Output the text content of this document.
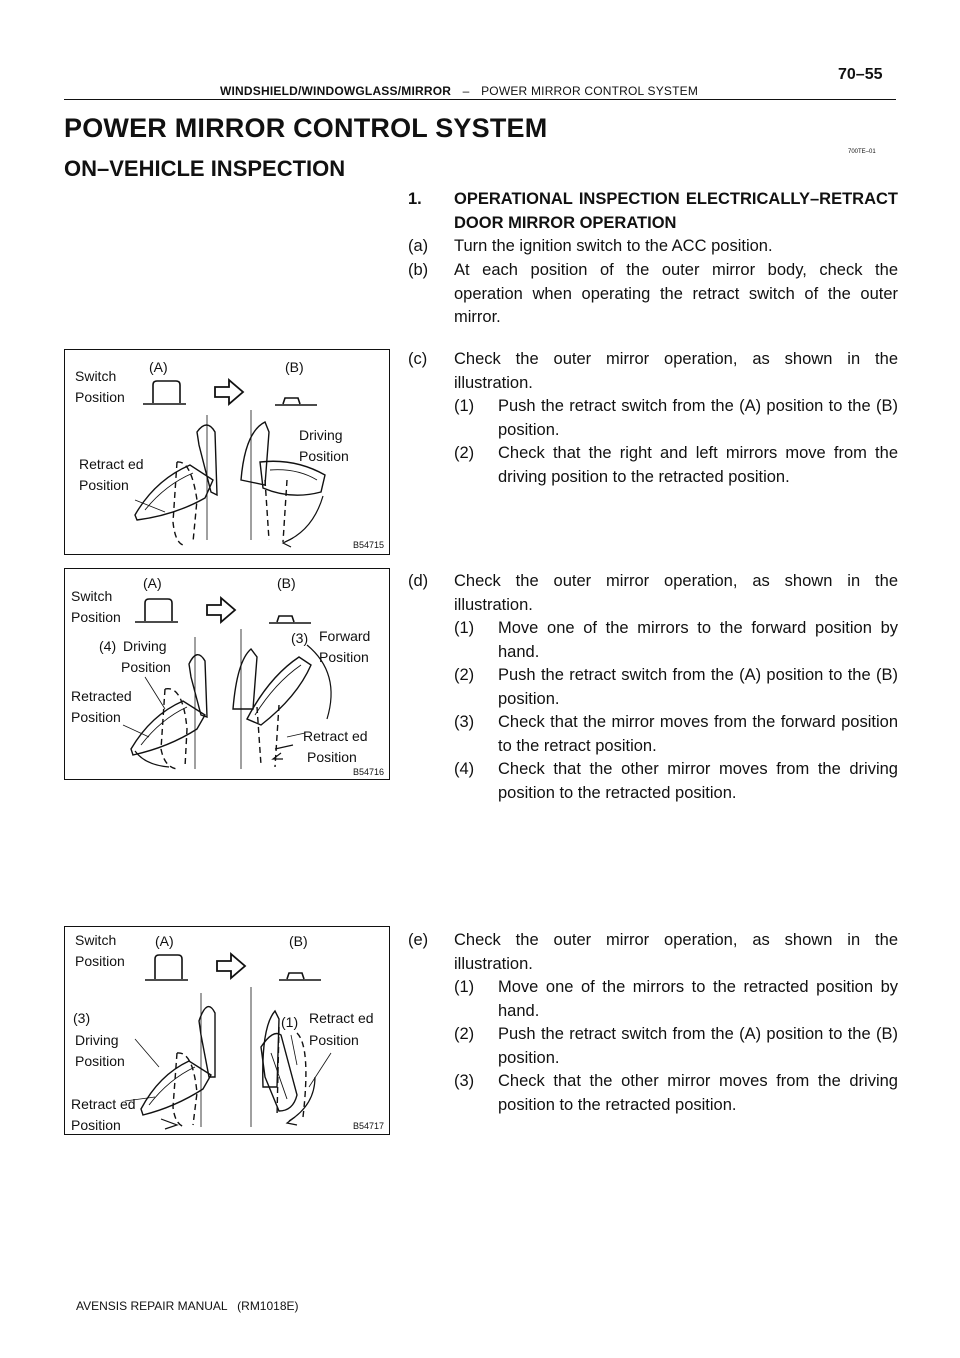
WINDSHIELD/WINDOWGLASS/MIRROR – POWER MIRROR CONTROL SYSTEM
70–55
POWER MIRROR CONTROL SYSTEM
700TE–01
ON–VEHICLE INSPECTION
1. OPERATIONAL INSPECTION ELECTRICALLY–RETRACT DOOR MIRROR OPERATION
(a) Turn the ignition switch to the ACC position.
(b) At each position of the outer mirror body, check the operation when operating the retract switch of the outer mirror.
(c) Check the outer mirror operation, as shown in the illustration.
(1) Push the retract switch from the (A) position to the (B) position.
(2) Check that the right and left mirrors move from the driving position to the retracted position.
(d) Check the outer mirror operation, as shown in the illustration.
(1) Move one of the mirrors to the forward position by hand.
(2) Push the retract switch from the (A) position to the (B) position.
(3) Check that the mirror moves from the forward position to the retract position.
(4) Check that the other mirror moves from the driving position to the retracted position.
(e) Check the outer mirror operation, as shown in the illustration.
(1) Move one of the mirrors to the retracted position by hand.
(2) Push the retract switch from the (A) position to the (B) position.
(3) Check that the other mirror moves from the driving position to the retracted position.
Switch
Position
(A)	(B)
Driving
Position
Retract ed
Position
B54715
Switch
Position
(A)	(B)
(4) Driving
Position
(3) Forward
Position
Retracted
Position
Retract ed
Position
B54716
Switch
Position
(A)	(B)
(3)
Driving
Position
(1) Retract ed
Position
Retract ed
Position	B54717
AVENSIS REPAIR MANUAL   (RM1018E)
